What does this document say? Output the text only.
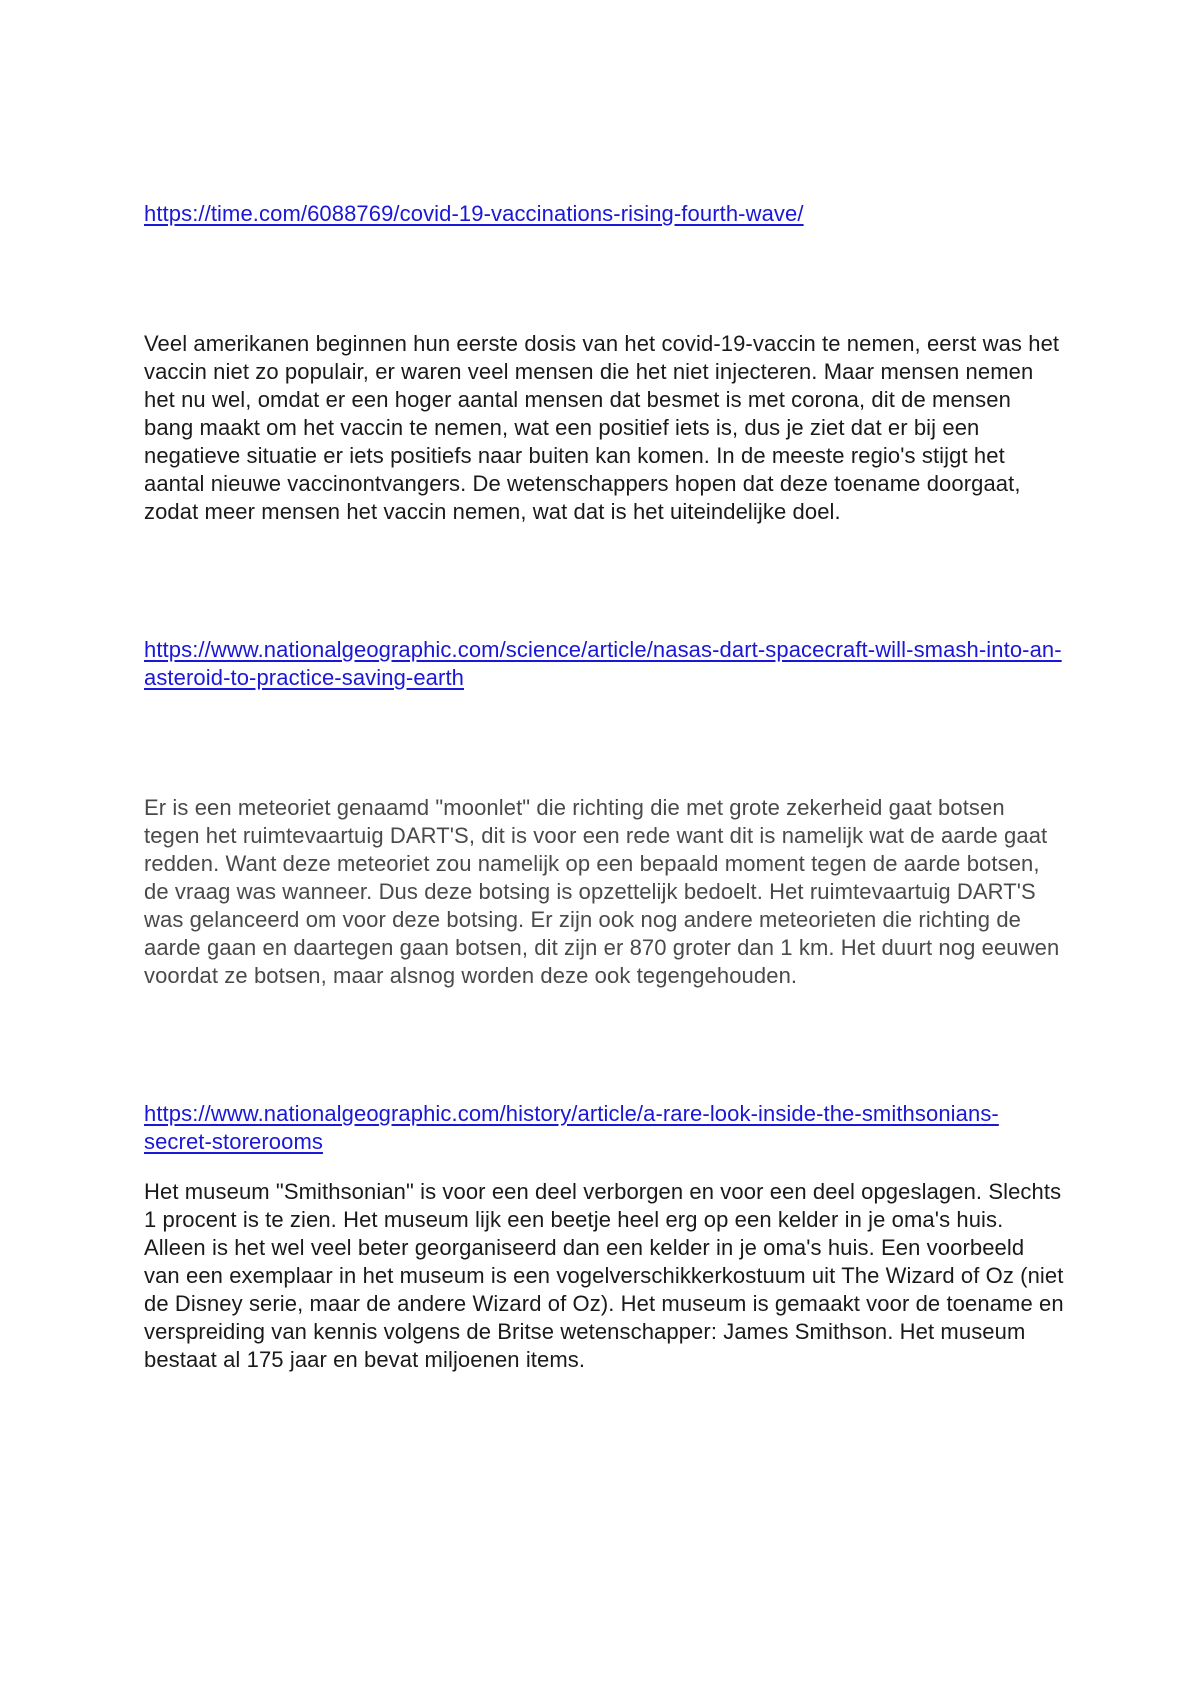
https://time.com/6088769/covid-19-vaccinations-rising-fourth-wave/

Veel amerikanen beginnen hun eerste dosis van het covid-19-vaccin te nemen, eerst was het vaccin niet zo populair, er waren veel mensen die het niet injecteren. Maar mensen nemen het nu wel, omdat er een hoger aantal mensen dat besmet is met corona, dit de mensen bang maakt om het vaccin te nemen, wat een positief iets is, dus je ziet dat er bij een negatieve situatie er iets positiefs naar buiten kan komen. In de meeste regio's stijgt het aantal nieuwe vaccinontvangers. De wetenschappers hopen dat deze toename doorgaat, zodat meer mensen het vaccin nemen, wat dat is het uiteindelijke doel.

https://www.nationalgeographic.com/science/article/nasas-dart-spacecraft-will-smash-into-an-asteroid-to-practice-saving-earth

Er is een meteoriet genaamd "moonlet" die richting die met grote zekerheid gaat botsen tegen het ruimtevaartuig DART'S, dit is voor een rede want dit is namelijk wat de aarde gaat redden. Want deze meteoriet zou namelijk op een bepaald moment tegen de aarde botsen, de vraag was wanneer. Dus deze botsing is opzettelijk bedoelt. Het ruimtevaartuig DART'S was gelanceerd om voor deze botsing. Er zijn ook nog andere meteorieten die richting de aarde gaan en daartegen gaan botsen, dit zijn er 870 groter dan 1 km. Het duurt nog eeuwen voordat ze botsen, maar alsnog worden deze ook tegengehouden.

https://www.nationalgeographic.com/history/article/a-rare-look-inside-the-smithsonians-secret-storerooms

Het museum "Smithsonian" is voor een deel verborgen en voor een deel opgeslagen. Slechts 1 procent is te zien. Het museum lijk een beetje heel erg op een kelder in je oma's huis. Alleen is het wel veel beter georganiseerd dan een kelder in je oma's huis. Een voorbeeld van een exemplaar in het museum is een vogelverschikkerkostuum uit The Wizard of Oz (niet de Disney serie, maar de andere Wizard of Oz). Het museum is gemaakt voor de toename en verspreiding van kennis volgens de Britse wetenschapper: James Smithson. Het museum bestaat al 175 jaar en bevat miljoenen items.
